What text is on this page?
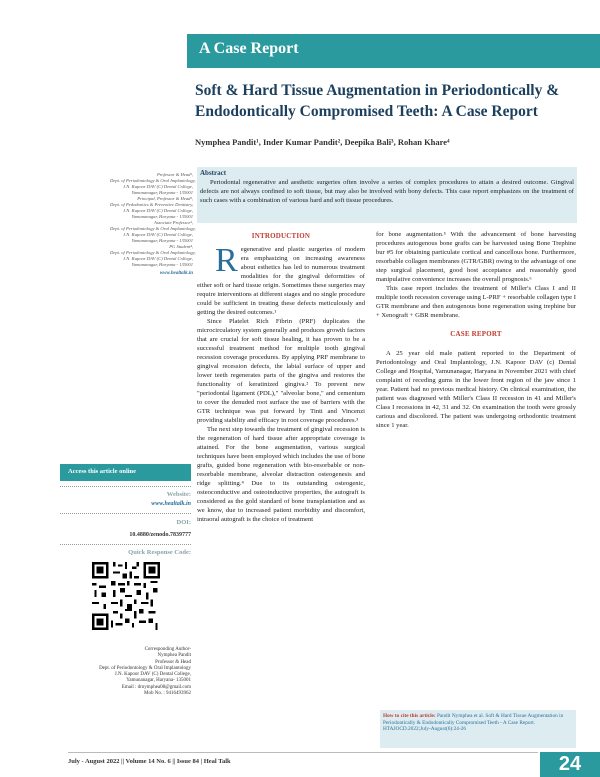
A Case Report
Soft & Hard Tissue Augmentation in Periodontically & Endodontically Compromised Teeth: A Case Report
Nymphea Pandit¹, Inder Kumar Pandit², Deepika Bali³, Rohan Khare⁴
Professor & Head¹,
Dept. of Periodontology & Oral Implantology,
J.N. Kapoor DAV (C) Dental College,
Yamunanagar, Haryana - 135001
Principal, Professor & Head²,
Dept. of Pedodontics & Preventive Dentistry,
J.N. Kapoor DAV (C) Dental College,
Yamunanagar, Haryana - 135001
Associate Professor³,
Dept. of Periodontology & Oral Implantology,
J.N. Kapoor DAV (C) Dental College,
Yamunanagar, Haryana - 135001
PG Student⁴,
Dept. of Periodontology & Oral Implantology,
J.N. Kapoor DAV (C) Dental College,
Yamunanagar, Haryana - 135001
www.healtalk.in
Abstract
Periodontal regenerative and aesthetic surgeries often involve a series of complex procedures to attain a desired outcome. Gingival defects are not always confined to soft tissue, but may also be involved with bony defects. This case report emphasizes on the treatment of such cases with a combination of various hard and soft tissue procedures.
INTRODUCTION
R egenerative and plastic surgeries of modern era emphasizing on increasing awareness about esthetics has led to numerous treatment modalities for the gingival deformities of either soft or hard tissue origin. Sometimes these surgeries may require interventions at different stages and no single procedure could be sufficient in treating these defects meticulously and getting the desired outcomes.¹

Since Platelet Rich Fibrin (PRF) duplicates the microcirculatory system generally and produces growth factors that are crucial for soft tissue healing, it has proven to be a successful treatment method for multiple tooth gingival recession coverage procedures. By applying PRF membrane to gingival recession defects, the labial surface of upper and lower teeth regenerates parts of the gingiva and restores the functionality of keratinized gingiva.² To prevent new "periodontal ligament (PDL)," "alveolar bone," and cementum to cover the denuded root surface the use of barriers with the GTR technique was put forward by Tinti and Vincenzi providing stability and efficacy in root coverage procedures.³

The next step towards the treatment of gingival recession is the regeneration of hard tissue after appropriate coverage is attained. For the bone augmentation, various surgical techniques have been employed which includes the use of bone grafts, guided bone regeneration with bio-resorbable or non-resorbable membrane, alveolar distraction osteogenesis and ridge splitting.⁴ Due to its outstanding osteogenic, osteoconductive and osteoinductive properties, the autograft is considered as the gold standard of bone transplantation and as we know, due to increased patient morbidity and discomfort, intraoral autograft is the choice of treatment

for bone augmentation.⁵ With the advancement of bone harvesting procedures autogenous bone grafts can be harvested using Bone Trephine bur #5 for obtaining particulate cortical and cancellous bone. Furthermore, resorbable collagen membranes (GTR/GBR) owing to the advantage of one step surgical placement, good host acceptance and reasonably good manipulative convenience increases the overall prognosis.⁶

This case report includes the treatment of Miller's Class I and II multiple tooth recession coverage using L-PRF + resorbable collagen type I GTR membrane and then autogenous bone regeneration using trephine bur + Xenograft + GBR membrane.

CASE REPORT

A 25 year old male patient reported to the Department of Periodontology and Oral Implantology, J.N. Kapoor DAV (c) Dental College and Hospital, Yamunanagar, Haryana in November 2021 with chief complaint of receding gums in the lower front region of the jaw since 1 year. Patient had no previous medical history. On clinical examination, the patient was diagnosed with Miller's Class II recession in 41 and Miller's Class I recessions in 42, 31 and 32. On examination the tooth were grossly carious and discolored. The patient was undergoing orthodontic treatment since 1 year.

Access this article online
Website:
www.healtalk.in
DOI:
10.4880/zenodo.7839777
Quick Response Code:
Corresponding Author-
Nymphea Pandit
Professor & Head
Dept. of Periodontology & Oral Implantology
J.N. Kapoor DAV (C) Dental College,
Yamunanagar, Haryana- 135001
Email : drnymphea08@gmail.com
Mob No. : 9416493962
How to cite this article: Pandit Nymphea et al. Soft & Hard Tissue Augmentation in Periodontically & Endodontically Compromised Teeth - A Case Report. HTAJOCD.2022;July-August(6):24-26
July - August 2022 || Volume 14 No. 6 || Issue 84 | Heal Talk	24
